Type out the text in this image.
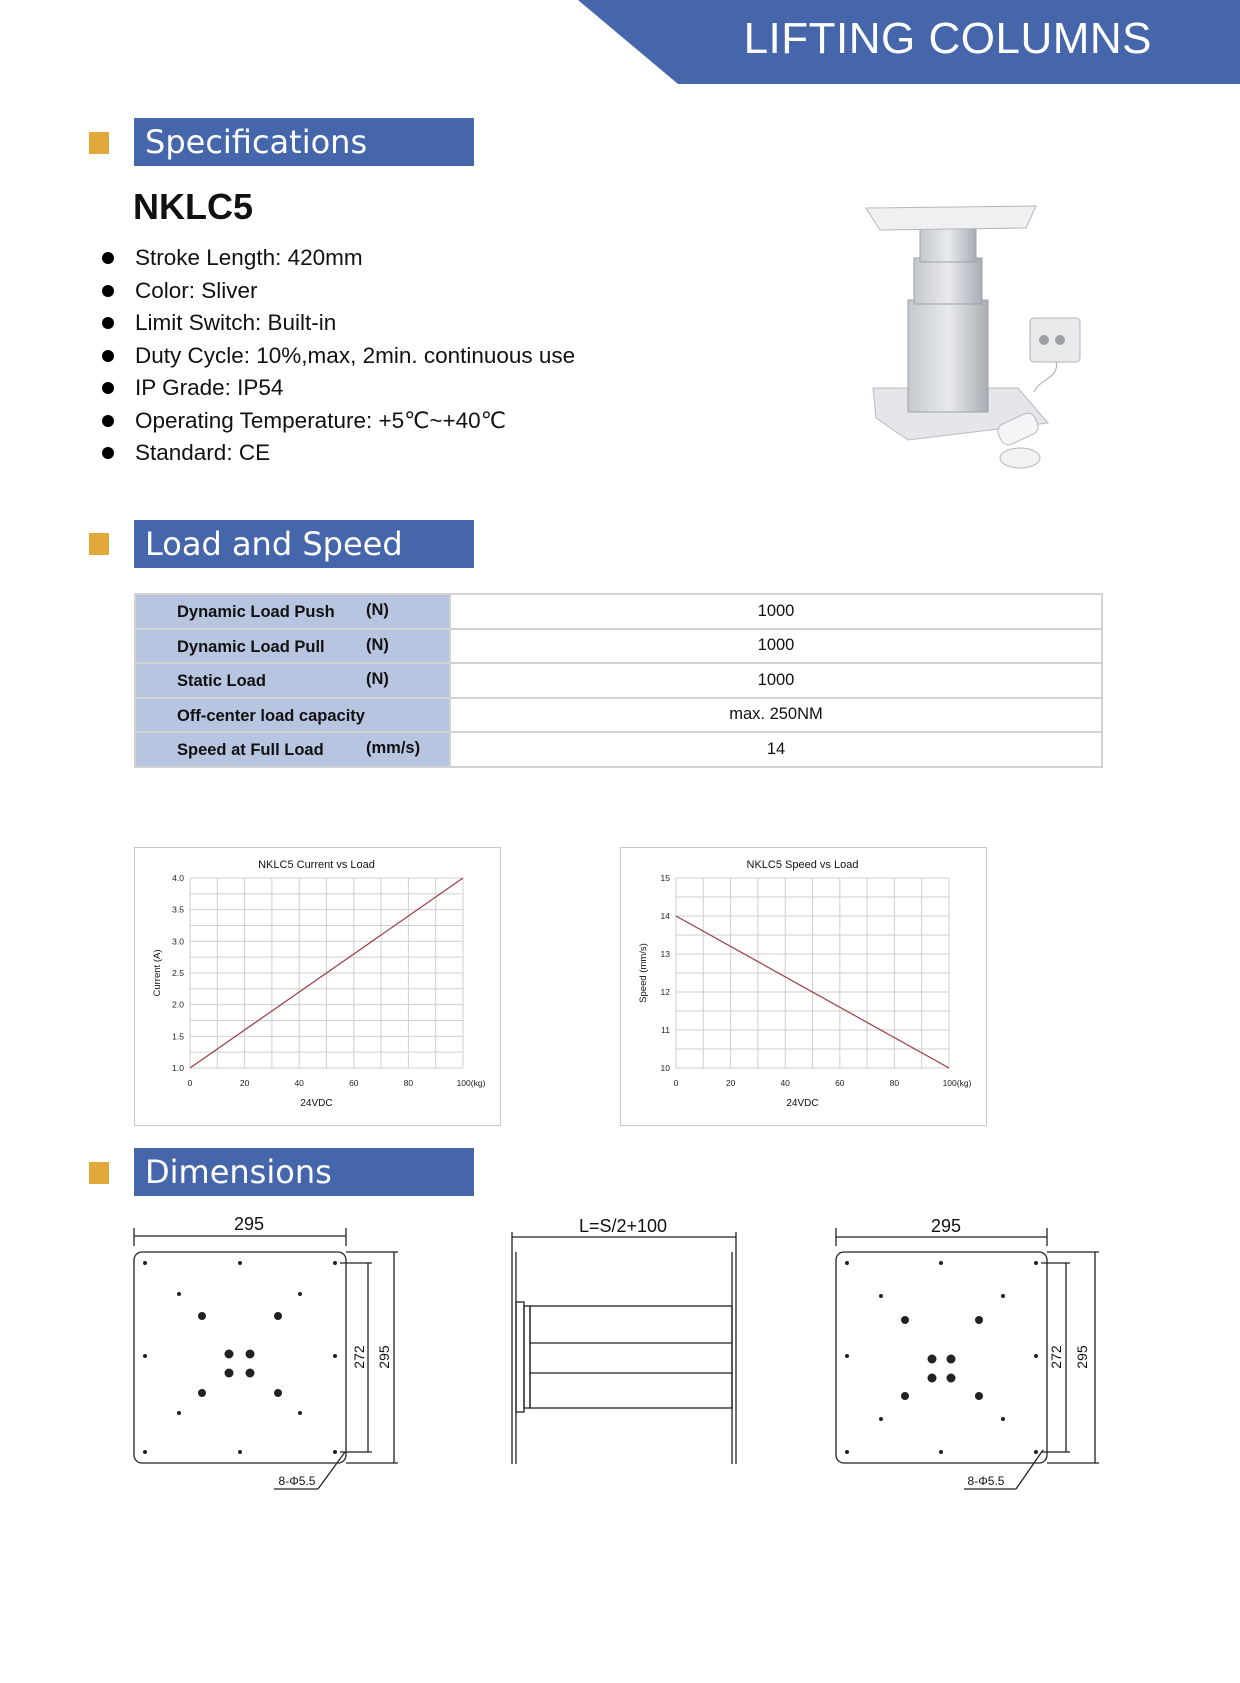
LIFTING COLUMNS
Specifications
NKLC5
Stroke Length: 420mm
Color: Sliver
Limit Switch: Built-in
Duty Cycle: 10%,max, 2min. continuous use
IP Grade: IP54
Operating Temperature: +5℃~+40℃
Standard: CE
Load and Speed
Dynamic Load Push (N)	1000

Dynamic Load Pull (N)	1000

Static Load (N)	1000

Off-center load capacity	max. 250NM

Speed at Full Load (mm/s)	14
NKLC5 Current vs Load
1.0
1.5
2.0
2.5
3.0
3.5
4.0
0	20	40	60	80	100(kg)
24VDC
Current (A)
NKLC5 Speed vs Load
10
11
12
13
14
15
0	20	40	60	80	100(kg)
24VDC
Speed (mm/s)
Dimensions
295
272 295
8-Φ5.5
L=S/2+100	295
272 295
8-Φ5.5
